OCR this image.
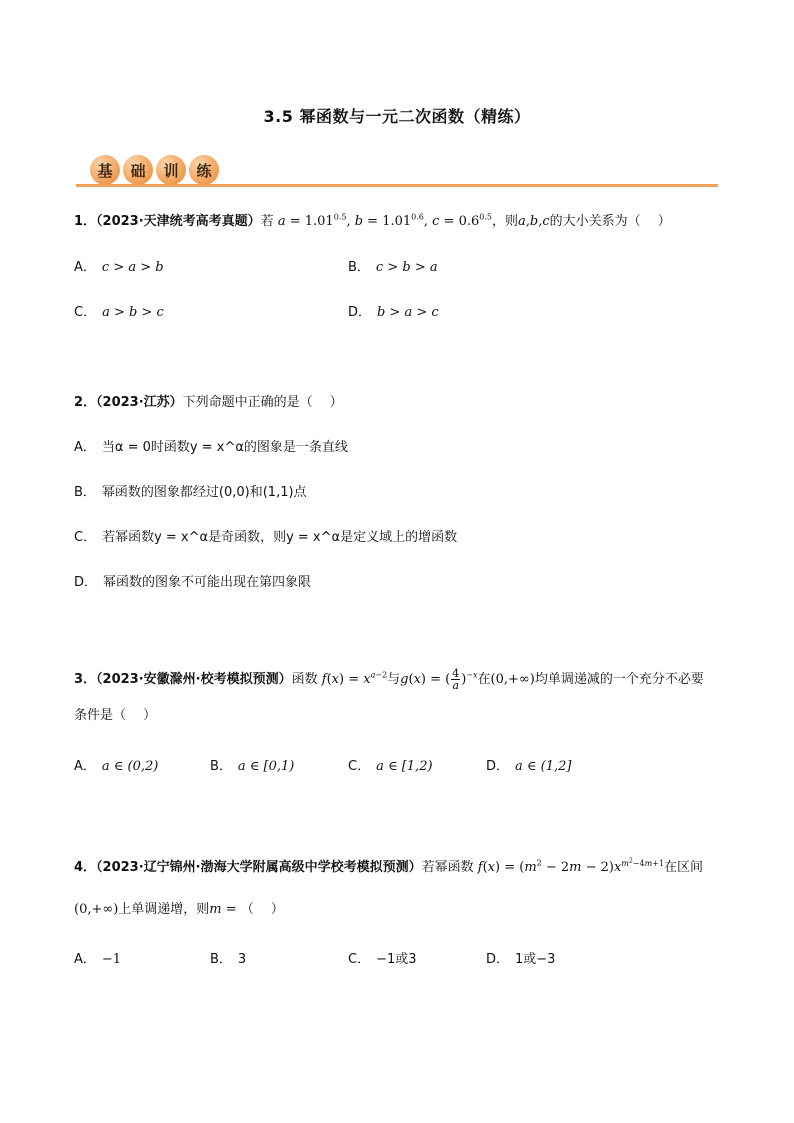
3.5 幂函数与一元二次函数（精练）
基	础	训	练
1．（2023·天津统考高考真题）若 $a = 1.01^{0.5}$, $b = 1.01^{0.6}$, $c = 0.6^{0.5}$，则a,b,c的大小关系为（　 ）
A． c > a > b	B． c > b > a
C． a > b > c	D． b > a > c
2．（2023·江苏）下列命题中正确的是（　 ）
A． 当α = 0时函数y = x^α的图象是一条直线
B． 幂函数的图象都经过(0,0)和(1,1)点
C． 若幂函数y = x^α是奇函数，则y = x^α是定义域上的增函数
D． 幂函数的图象不可能出现在第四象限
3．（2023·安徽滁州·校考模拟预测）函数 $f(x) = x^{a-2}$与g(x) = ( $\frac{4}{a} )^{-x}$在(0,+∞)均单调递减的一个充分不必要
条件是（　 ）
A． a ∈ (0,2)	B． a ∈ [0,1)	C． a ∈ [1,2)	D． a ∈ (1,2]
4．（2023·辽宁锦州·渤海大学附属高级中学校考模拟预测）若幂函数 $f(x) = (m^2 - 2m - 2)x^{m^2-4m+1}$在区间
(0,+∞)上单调递增，则m = （　 ）
A． −1	B． 3	C． −1或3	D． 1或−3
